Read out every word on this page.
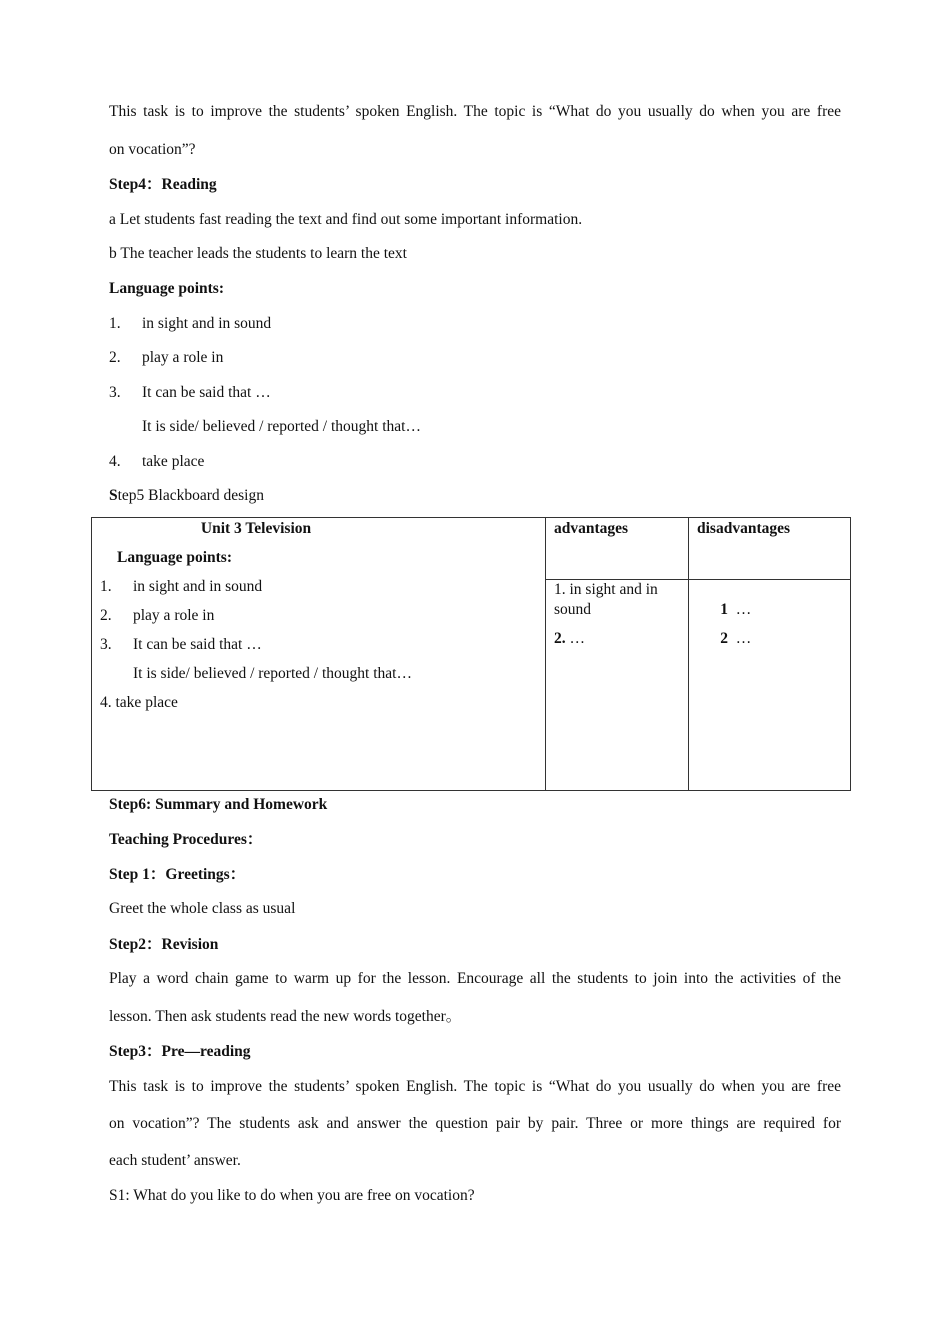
This task is to improve the students’ spoken English. The topic is “What do you usually do when you are free
on vocation”?
Step4：Reading
a Let students fast reading the text and find out some important information.
b The teacher leads the students to learn the text
Language points:
1. in sight and in sound
2. play a role in
3. It can be said that …
It is side/ believed / reported / thought that…
4. take place
Step5 Blackboard design
Unit 3 Television
Language points:
1. in sight and in sound
2. play a role in
3. It can be said that …
It is side/ believed / reported / thought that…
4. take place
advantages	disadvantages
1. in sight and in
sound
2. …

1  …

2  …

Step6: Summary and Homework
Teaching Procedures：
Step 1：Greetings：
Greet the whole class as usual
Step2：Revision
Play a word chain game to warm up for the lesson. Encourage all the students to join into the activities of the
lesson. Then ask students read the new words together。
Step3：Pre—reading
This task is to improve the students’ spoken English. The topic is “What do you usually do when you are free
on vocation”? The students ask and answer the question pair by pair. Three or more things are required for
each student’ answer.
S1: What do you like to do when you are free on vocation?
